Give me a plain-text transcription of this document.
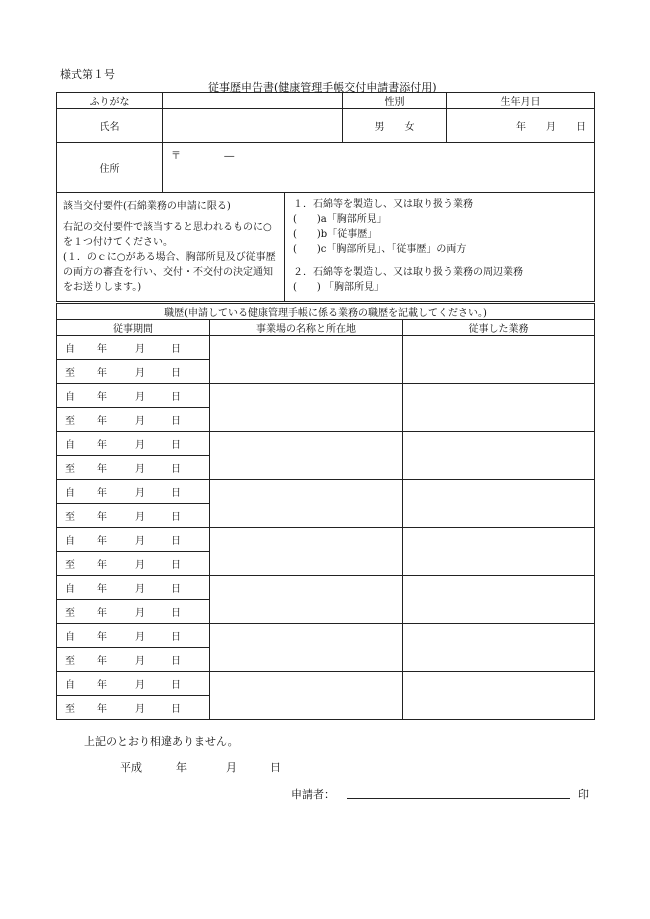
様式第１号
従事歴申告書(健康管理手帳交付申請書添付用)
ふりがな		性別	生年月日
氏名		男　　女	年　　月　　日
住所	〒 ―		
該当交付要件(石綿業務の申請に限る)
右記の交付要件で該当すると思われるものに○を１つ付けてください。
(１．のｃに○がある場合、胸部所見及び従事歴の両方の審査を行い、交付・不交付の決定通知をお送りします。)

１．石綿等を製造し、又は取り扱う業務
(　　)a「胸部所見」
(　　)b「従事歴」
(　　)c「胸部所見」、「従事歴」の両方
２．石綿等を製造し、又は取り扱う業務の周辺業務
(　　) 「胸部所見」
職歴(申請している健康管理手帳に係る業務の職歴を記載してください。)		
従事期間	事業場の名称と所在地	従事した業務
自 年 月 日		
至 年 月 日		
自 年 月 日		
至 年 月 日		
自 年 月 日		
至 年 月 日		
自 年 月 日		
至 年 月 日		
自 年 月 日		
至 年 月 日		
自 年 月 日		
至 年 月 日		
自 年 月 日		
至 年 月 日		
自 年 月 日		
至 年 月 日		
上記のとおり相違ありません。
平成	年	月	日
申請者：	印
